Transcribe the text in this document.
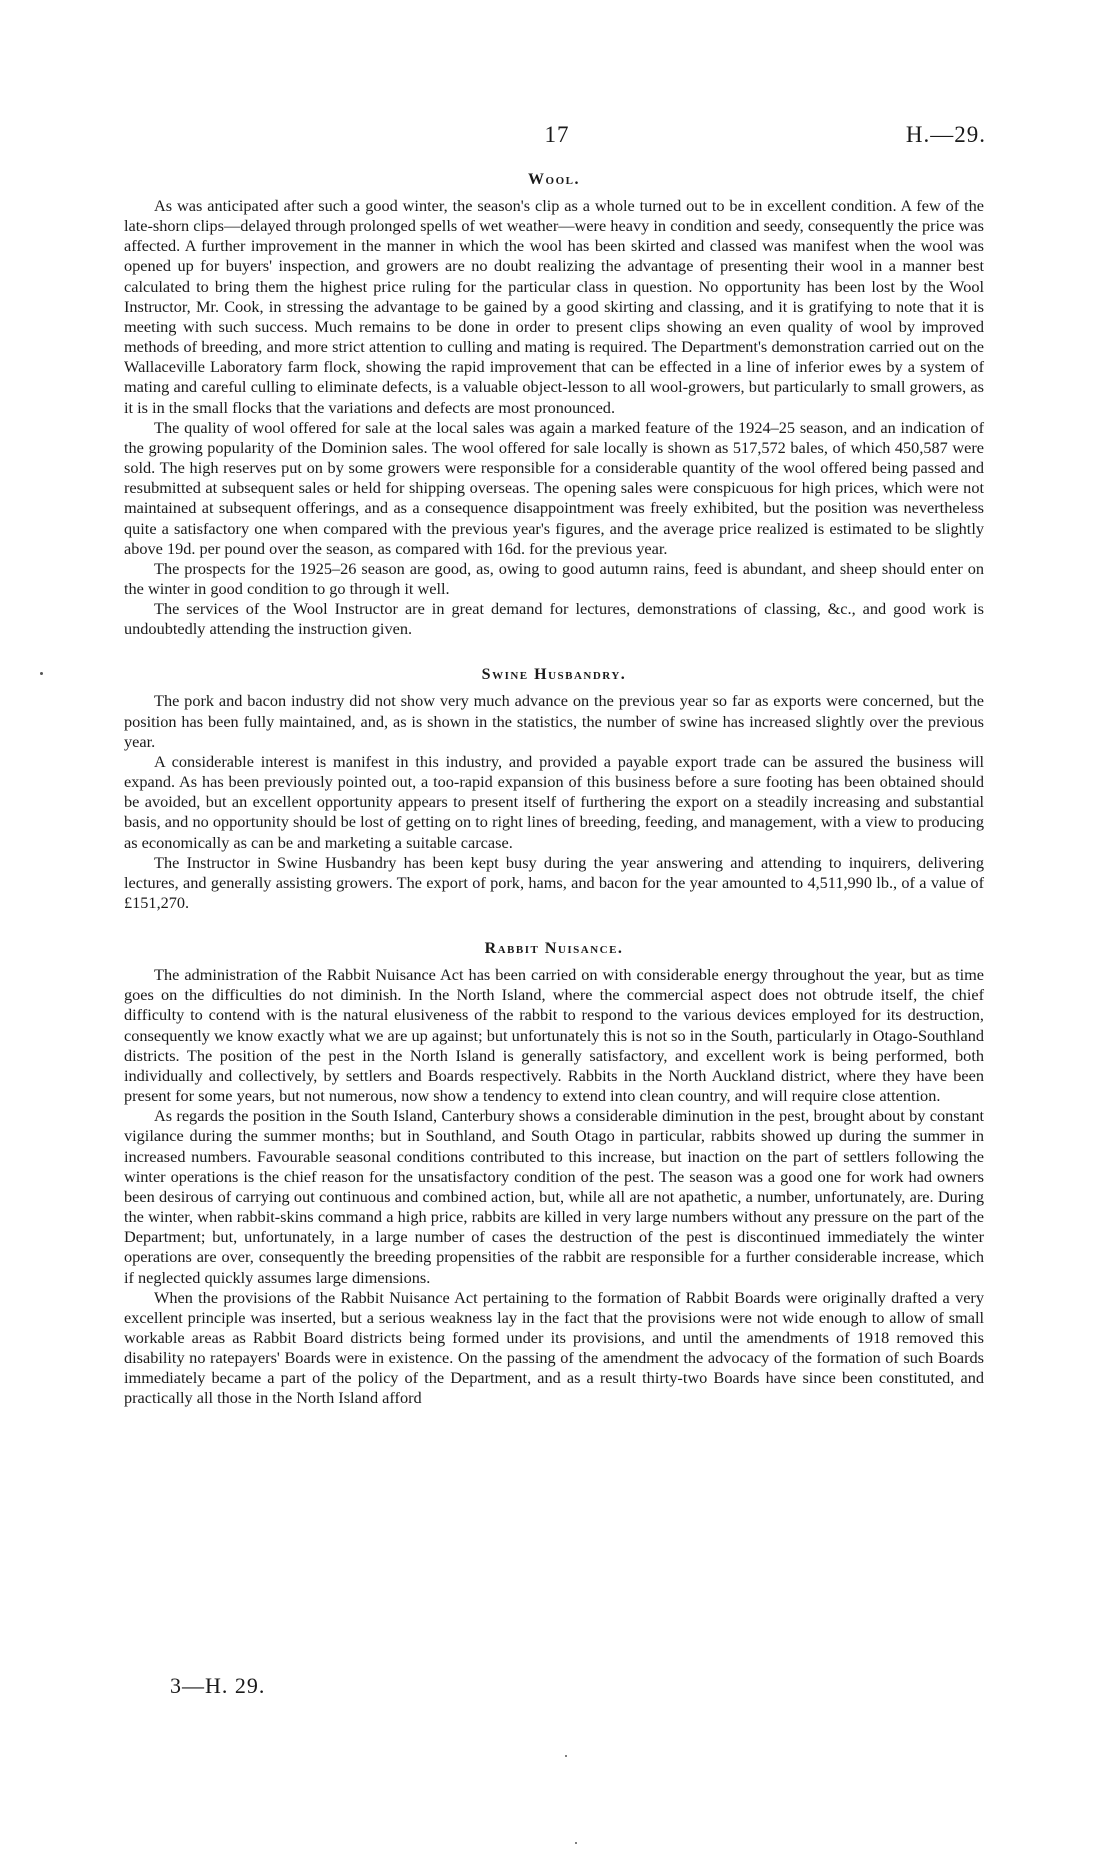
17	H.—29.
Wool.

As was anticipated after such a good winter, the season's clip as a whole turned out to be in excellent condition. A few of the late-shorn clips—delayed through prolonged spells of wet weather—were heavy in condition and seedy, consequently the price was affected. A further improvement in the manner in which the wool has been skirted and classed was manifest when the wool was opened up for buyers' inspection, and growers are no doubt realizing the advantage of presenting their wool in a manner best calculated to bring them the highest price ruling for the particular class in question. No opportunity has been lost by the Wool Instructor, Mr. Cook, in stressing the advantage to be gained by a good skirting and classing, and it is gratifying to note that it is meeting with such success. Much remains to be done in order to present clips showing an even quality of wool by improved methods of breeding, and more strict attention to culling and mating is required. The Department's demonstration carried out on the Wallaceville Laboratory farm flock, showing the rapid improvement that can be effected in a line of inferior ewes by a system of mating and careful culling to eliminate defects, is a valuable object-lesson to all wool-growers, but particularly to small growers, as it is in the small flocks that the variations and defects are most pronounced.

The quality of wool offered for sale at the local sales was again a marked feature of the 1924–25 season, and an indication of the growing popularity of the Dominion sales. The wool offered for sale locally is shown as 517,572 bales, of which 450,587 were sold. The high reserves put on by some growers were responsible for a considerable quantity of the wool offered being passed and resubmitted at subsequent sales or held for shipping overseas. The opening sales were conspicuous for high prices, which were not maintained at subsequent offerings, and as a consequence disappointment was freely exhibited, but the position was nevertheless quite a satisfactory one when compared with the previous year's figures, and the average price realized is estimated to be slightly above 19d. per pound over the season, as compared with 16d. for the previous year.

The prospects for the 1925–26 season are good, as, owing to good autumn rains, feed is abundant, and sheep should enter on the winter in good condition to go through it well.

The services of the Wool Instructor are in great demand for lectures, demonstrations of classing, &c., and good work is undoubtedly attending the instruction given.

Swine Husbandry.

The pork and bacon industry did not show very much advance on the previous year so far as exports were concerned, but the position has been fully maintained, and, as is shown in the statistics, the number of swine has increased slightly over the previous year.

A considerable interest is manifest in this industry, and provided a payable export trade can be assured the business will expand. As has been previously pointed out, a too-rapid expansion of this business before a sure footing has been obtained should be avoided, but an excellent opportunity appears to present itself of furthering the export on a steadily increasing and substantial basis, and no opportunity should be lost of getting on to right lines of breeding, feeding, and management, with a view to producing as economically as can be and marketing a suitable carcase.

The Instructor in Swine Husbandry has been kept busy during the year answering and attending to inquirers, delivering lectures, and generally assisting growers. The export of pork, hams, and bacon for the year amounted to 4,511,990 lb., of a value of £151,270.

Rabbit Nuisance.

The administration of the Rabbit Nuisance Act has been carried on with considerable energy throughout the year, but as time goes on the difficulties do not diminish. In the North Island, where the commercial aspect does not obtrude itself, the chief difficulty to contend with is the natural elusiveness of the rabbit to respond to the various devices employed for its destruction, consequently we know exactly what we are up against; but unfortunately this is not so in the South, particularly in Otago-Southland districts. The position of the pest in the North Island is generally satisfactory, and excellent work is being performed, both individually and collectively, by settlers and Boards respectively. Rabbits in the North Auckland district, where they have been present for some years, but not numerous, now show a tendency to extend into clean country, and will require close attention.

As regards the position in the South Island, Canterbury shows a considerable diminution in the pest, brought about by constant vigilance during the summer months; but in Southland, and South Otago in particular, rabbits showed up during the summer in increased numbers. Favourable seasonal conditions contributed to this increase, but inaction on the part of settlers following the winter operations is the chief reason for the unsatisfactory condition of the pest. The season was a good one for work had owners been desirous of carrying out continuous and combined action, but, while all are not apathetic, a number, unfortunately, are. During the winter, when rabbit-skins command a high price, rabbits are killed in very large numbers without any pressure on the part of the Department; but, unfortunately, in a large number of cases the destruction of the pest is discontinued immediately the winter operations are over, consequently the breeding propensities of the rabbit are responsible for a further considerable increase, which if neglected quickly assumes large dimensions.

When the provisions of the Rabbit Nuisance Act pertaining to the formation of Rabbit Boards were originally drafted a very excellent principle was inserted, but a serious weakness lay in the fact that the provisions were not wide enough to allow of small workable areas as Rabbit Board districts being formed under its provisions, and until the amendments of 1918 removed this disability no ratepayers' Boards were in existence. On the passing of the amendment the advocacy of the formation of such Boards immediately became a part of the policy of the Department, and as a result thirty-two Boards have since been constituted, and practically all those in the North Island afford

3—H. 29.
